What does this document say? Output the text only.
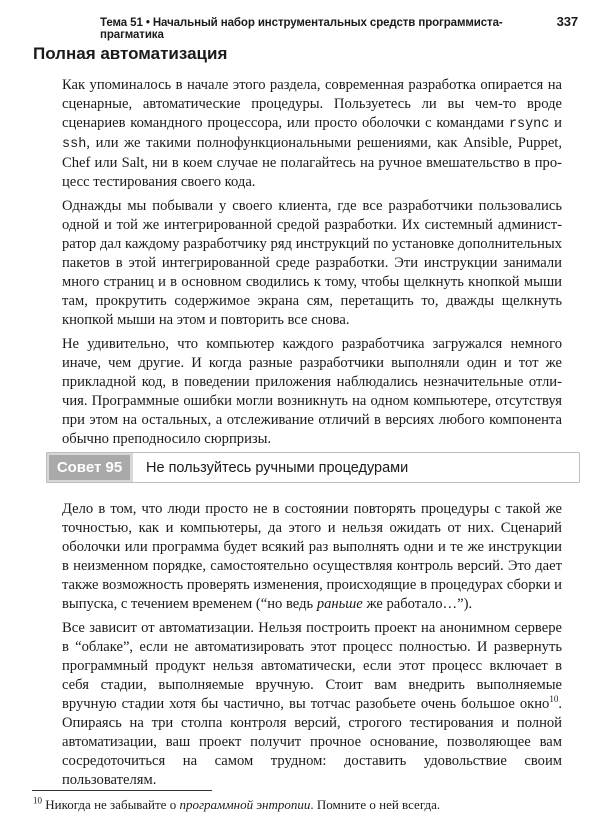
Тема 51 • Начальный набор инструментальных средств программиста-прагматика
337
Полная автоматизация

Как упоминалось в начале этого раздела, современная разработка опирается на сценарные, автоматические процедуры. Пользуетесь ли вы чем-то вроде сценариев командного процессора, или просто оболочки с командами rsync и ssh, или же такими полнофункциональными решениями, как Ansible, Puppet, Chef или Salt, ни в коем случае не полагайтесь на ручное вмешательство в процесс тестирования своего кода.

Однажды мы побывали у своего клиента, где все разработчики пользовались одной и той же интегрированной средой разработки. Их системный администратор дал каждому разработчику ряд инструкций по установке дополнительных пакетов в этой интегрированной среде разработки. Эти инструкции занимали много страниц и в основном сводились к тому, чтобы щелкнуть кнопкой мыши там, прокрутить содержимое экрана сям, перетащить то, дважды щелкнуть кнопкой мыши на этом и повторить все снова.

Не удивительно, что компьютер каждого разработчика загружался немного иначе, чем другие. И когда разные разработчики выполняли один и тот же прикладной код, в поведении приложения наблюдались незначительные отличия. Программные ошибки могли возникнуть на одном компьютере, отсутствуя при этом на остальных, а отслеживание отличий в версиях любого компонента обычно преподносило сюрпризы.

Совет 95	Не пользуйтесь ручными процедурами

Дело в том, что люди просто не в состоянии повторять процедуры с такой же точностью, как и компьютеры, да этого и нельзя ожидать от них. Сценарий оболочки или программа будет всякий раз выполнять одни и те же инструкции в неизменном порядке, самостоятельно осуществляя контроль версий. Это дает также возможность проверять изменения, происходящие в процедурах сборки и выпуска, с течением временем (“но ведь раньше же работало…”).

Все зависит от автоматизации. Нельзя построить проект на анонимном сервере в “облаке”, если не автоматизировать этот процесс полностью. И развернуть программный продукт нельзя автоматически, если этот процесс включает в себя стадии, выполняемые вручную. Стоит вам внедрить выполняемые вручную стадии хотя бы частично, вы тотчас разобьете очень большое окно$^{10}$. Опираясь на три столпа контроля версий, строгого тестирования и полной автоматизации, ваш проект получит прочное основание, позволяющее вам сосредоточиться на самом трудном: доставить удовольствие своим пользователям.

$^{10}$ Никогда не забывайте о программной энтропии. Помните о ней всегда.
